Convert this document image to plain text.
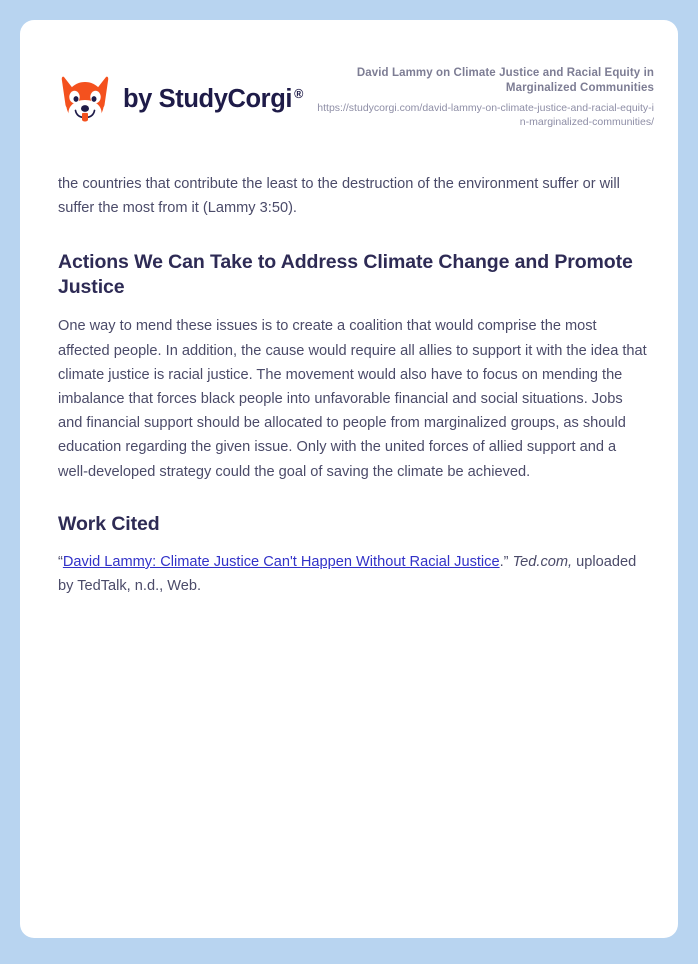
by StudyCorgi ®
David Lammy on Climate Justice and Racial Equity in Marginalized Communities
https://studycorgi.com/david-lammy-on-climate-justice-and-racial-equity-in-marginalized-communities/

the countries that contribute the least to the destruction of the environment suffer or will suffer the most from it (Lammy 3:50).

Actions We Can Take to Address Climate Change and Promote Justice

One way to mend these issues is to create a coalition that would comprise the most affected people. In addition, the cause would require all allies to support it with the idea that climate justice is racial justice. The movement would also have to focus on mending the imbalance that forces black people into unfavorable financial and social situations. Jobs and financial support should be allocated to people from marginalized groups, as should education regarding the given issue. Only with the united forces of allied support and a well-developed strategy could the goal of saving the climate be achieved.

Work Cited
“David Lammy: Climate Justice Can't Happen Without Racial Justice.” Ted.com, uploaded by TedTalk, n.d., Web.
